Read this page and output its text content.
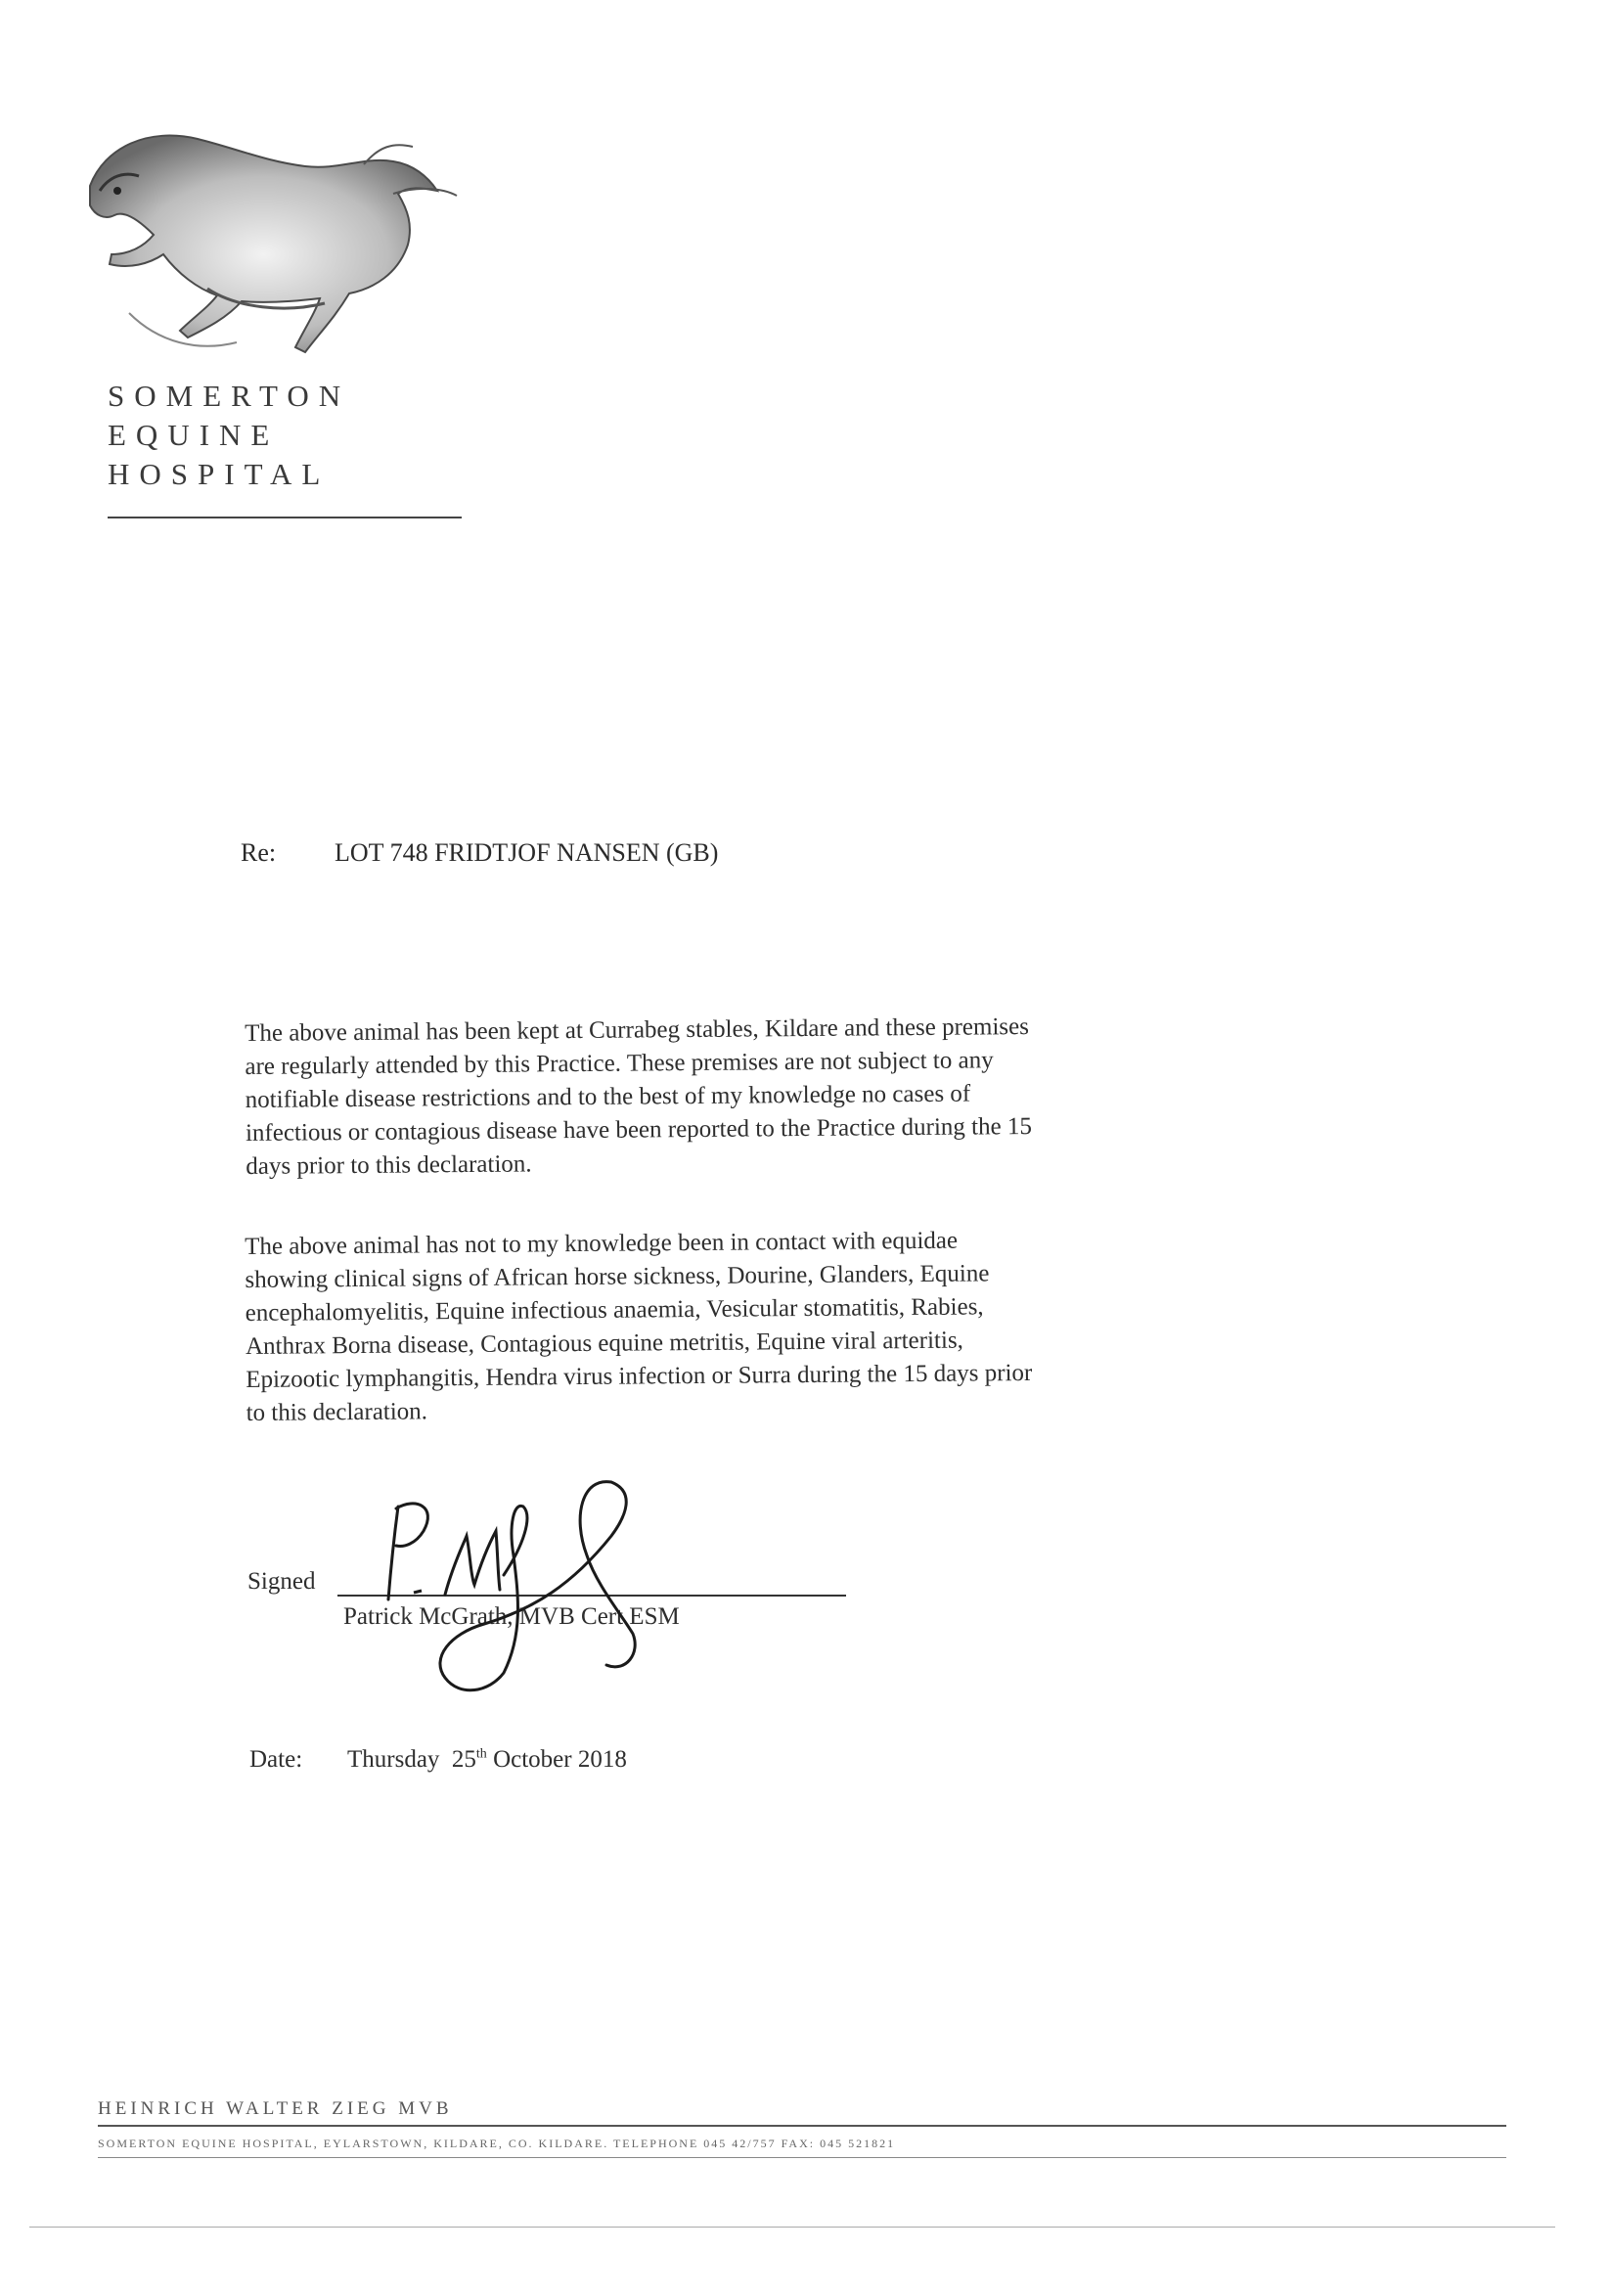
SOMERTON
EQUINE
HOSPITAL
Re: LOT 748 FRIDTJOF NANSEN (GB)
The above animal has been kept at Currabeg stables, Kildare and these premises
are regularly attended by this Practice. These premises are not subject to any
notifiable disease restrictions and to the best of my knowledge no cases of
infectious or contagious disease have been reported to the Practice during the 15
days prior to this declaration.
The above animal has not to my knowledge been in contact with equidae
showing clinical signs of African horse sickness, Dourine, Glanders, Equine
encephalomyelitis, Equine infectious anaemia, Vesicular stomatitis, Rabies,
Anthrax Borna disease, Contagious equine metritis, Equine viral arteritis,
Epizootic lymphangitis, Hendra virus infection or Surra during the 15 days prior
to this declaration.
Signed
Patrick McGrath, MVB Cert ESM
Date: Thursday 25th October 2018
HEINRICH WALTER ZIEG MVB
SOMERTON EQUINE HOSPITAL, EYLARSTOWN, KILDARE, CO. KILDARE. TELEPHONE 045 42/757 FAX: 045 521821
